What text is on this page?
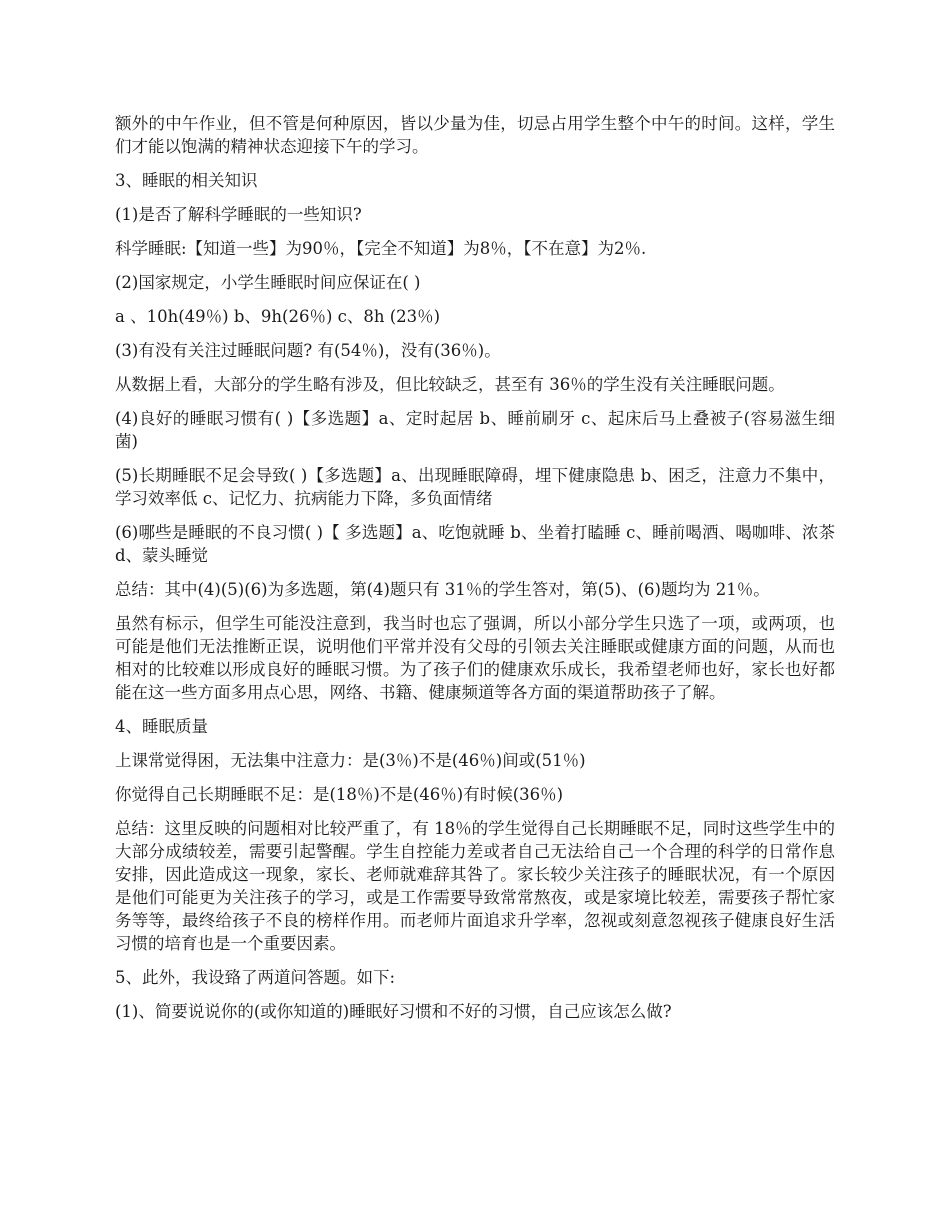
额外的中午作业，但不管是何种原因，皆以少量为佳，切忌占用学生整个中午的时间。这样，学生们才能以饱满的精神状态迎接下午的学习。

3、睡眠的相关知识

(1)是否了解科学睡眠的一些知识?

科学睡眠:【知道一些】为90％，【完全不知道】为8％，【不在意】为2％.

(2)国家规定，小学生睡眠时间应保证在( )

a 、10h(49％) b、9h(26％) c、8h (23％)

(3)有没有关注过睡眠问题? 有(54％)，没有(36％)。

从数据上看，大部分的学生略有涉及，但比较缺乏，甚至有 36％的学生没有关注睡眠问题。

(4)良好的睡眠习惯有( )【多选题】a、定时起居 b、睡前刷牙 c、起床后马上叠被子(容易滋生细菌)

(5)长期睡眠不足会导致( )【多选题】a、出现睡眠障碍，埋下健康隐患 b、困乏，注意力不集中，学习效率低 c、记忆力、抗病能力下降，多负面情绪

(6)哪些是睡眠的不良习惯( )【 多选题】a、吃饱就睡 b、坐着打瞌睡 c、睡前喝酒、喝咖啡、浓茶 d、蒙头睡觉

总结：其中(4)(5)(6)为多选题，第(4)题只有 31％的学生答对，第(5)、(6)题均为 21％。

虽然有标示，但学生可能没注意到，我当时也忘了强调，所以小部分学生只选了一项，或两项，也可能是他们无法推断正误，说明他们平常并没有父母的引领去关注睡眠或健康方面的问题，从而也相对的比较难以形成良好的睡眠习惯。为了孩子们的健康欢乐成长，我希望老师也好，家长也好都能在这一些方面多用点心思，网络、书籍、健康频道等各方面的渠道帮助孩子了解。

4、睡眠质量

上课常觉得困，无法集中注意力：是(3％)不是(46％)间或(51％)

你觉得自己长期睡眠不足：是(18％)不是(46％)有时候(36％)

总结：这里反映的问题相对比较严重了，有 18％的学生觉得自己长期睡眠不足，同时这些学生中的大部分成绩较差，需要引起警醒。学生自控能力差或者自己无法给自己一个合理的科学的日常作息安排，因此造成这一现象，家长、老师就难辞其咎了。家长较少关注孩子的睡眠状况，有一个原因是他们可能更为关注孩子的学习，或是工作需要导致常常熬夜，或是家境比较差，需要孩子帮忙家务等等，最终给孩子不良的榜样作用。而老师片面追求升学率，忽视或刻意忽视孩子健康良好生活习惯的培育也是一个重要因素。

5、此外，我设臵了两道问答题。如下:

(1)、简要说说你的(或你知道的)睡眠好习惯和不好的习惯，自己应该怎么做?
